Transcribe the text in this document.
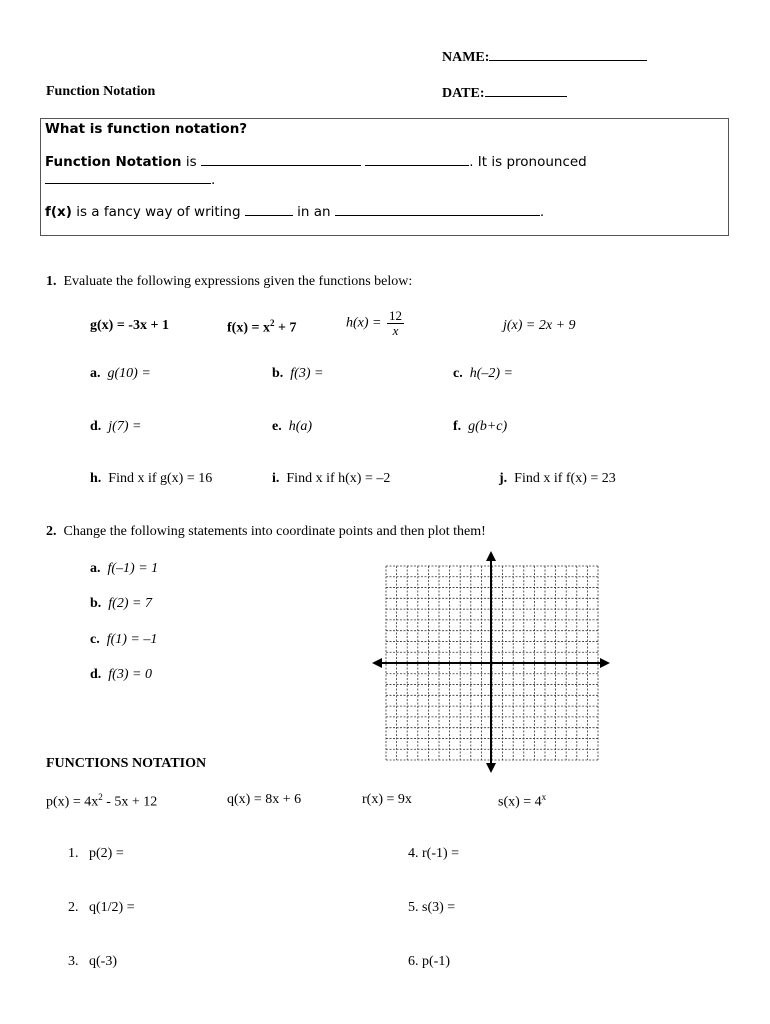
NAME:
Function Notation	DATE:
What is function notation?
Function Notation is	. It is pronounced
.
f(x) is a fancy way of writing	in an	.
1. Evaluate the following expressions given the functions below:
g(x) = -3x + 1	$f(x) = x^2 + 7$	$h(x) = \frac{12}{x}$	j(x) = 2x + 9
a. g(10) =	b. f(3) =	c. h(–2) =
d. j(7) =	e. h(a)	f. g(b+c)
h. Find x if g(x) = 16	i. Find x if h(x) = –2	j. Find x if f(x) = 23
2. Change the following statements into coordinate points and then plot them!
a. f(–1) = 1
b. f(2) = 7
c. f(1) = –1
d. f(3) = 0
FUNCTIONS NOTATION
$p(x) = 4x^2 - 5x + 12$	q(x) = 8x + 6	r(x) = 9x	$s(x) = 4^x$
1. p(2) =
2. q(1/2) =
3. q(-3)
4. r(-1) =
5. s(3) =
6. p(-1)
